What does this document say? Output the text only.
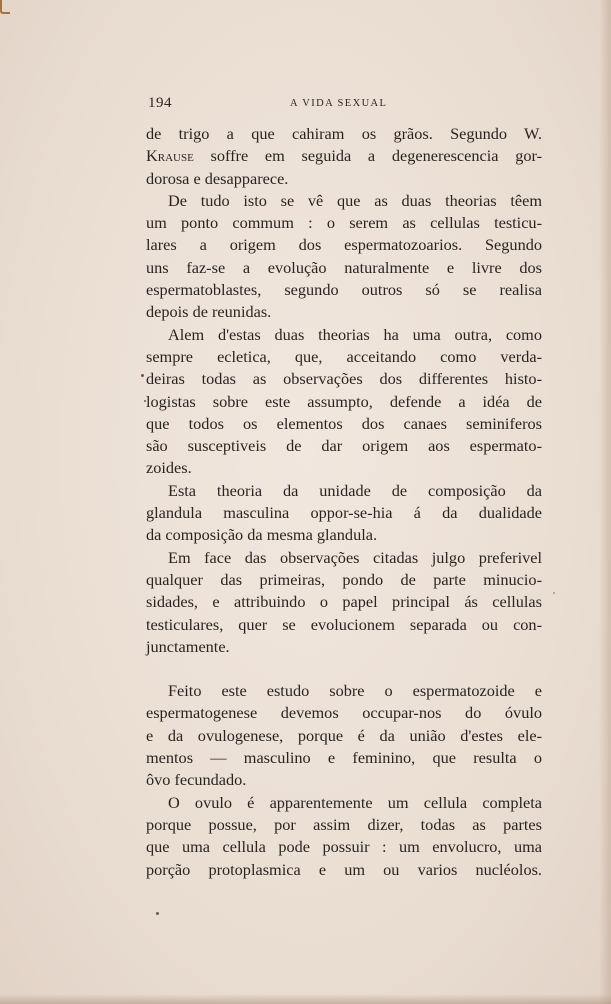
194	A VIDA SEXUAL
de trigo a que cahiram os grãos. Segundo W.
Krause soffre em seguida a degenerescencia gor-
dorosa e desapparece.
De tudo isto se vê que as duas theorias têem
um ponto commum : o serem as cellulas testicu-
lares a origem dos espermatozoarios. Segundo
uns faz-se a evolução naturalmente e livre dos
espermatoblastes, segundo outros só se realisa
depois de reunidas.
Alem d'estas duas theorias ha uma outra, como
sempre ecletica, que, acceitando como verda-
deiras todas as observações dos differentes histo-
logistas sobre este assumpto, defende a idéa de
que todos os elementos dos canaes seminiferos
são susceptiveis de dar origem aos espermato-
zoides.
Esta theoria da unidade de composição da
glandula masculina oppor-se-hia á da dualidade
da composição da mesma glandula.
Em face das observações citadas julgo preferivel
qualquer das primeiras, pondo de parte minucio-
sidades, e attribuindo o papel principal ás cellulas
testiculares, quer se evolucionem separada ou con-
junctamente.
Feito este estudo sobre o espermatozoide e
espermatogenese devemos occupar-nos do óvulo
e da ovulogenese, porque é da união d'estes ele-
mentos — masculino e feminino, que resulta o
ôvo fecundado.
O ovulo é apparentemente um cellula completa
porque possue, por assim dizer, todas as partes
que uma cellula pode possuir : um envolucro, uma
porção protoplasmica e um ou varios nucléolos.
